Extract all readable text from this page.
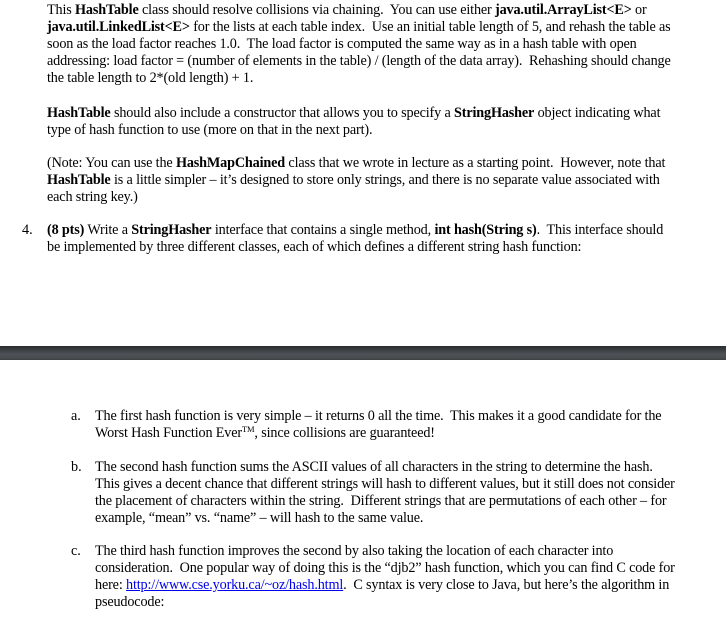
This HashTable class should resolve collisions via chaining.  You can use either java.util.ArrayList<E> or
java.util.LinkedList<E> for the lists at each table index.  Use an initial table length of 5, and rehash the table as
soon as the load factor reaches 1.0.  The load factor is computed the same way as in a hash table with open
addressing: load factor = (number of elements in the table) / (length of the data array).  Rehashing should change
the table length to 2*(old length) + 1.
HashTable should also include a constructor that allows you to specify a StringHasher object indicating what
type of hash function to use (more on that in the next part).
(Note: You can use the HashMapChained class that we wrote in lecture as a starting point.  However, note that
HashTable is a little simpler – it’s designed to store only strings, and there is no separate value associated with
each string key.)
4. (8 pts) Write a StringHasher interface that contains a single method, int hash(String s).  This interface should
be implemented by three different classes, each of which defines a different string hash function:
a. The first hash function is very simple – it returns 0 all the time.  This makes it a good candidate for the
Worst Hash Function Ever™, since collisions are guaranteed!
b. The second hash function sums the ASCII values of all characters in the string to determine the hash.
This gives a decent chance that different strings will hash to different values, but it still does not consider
the placement of characters within the string.  Different strings that are permutations of each other – for
example, “mean” vs. “name” – will hash to the same value.
c. The third hash function improves the second by also taking the location of each character into
consideration.  One popular way of doing this is the “djb2” hash function, which you can find C code for
here: http://www.cse.yorku.ca/~oz/hash.html.  C syntax is very close to Java, but here’s the algorithm in
pseudocode:
